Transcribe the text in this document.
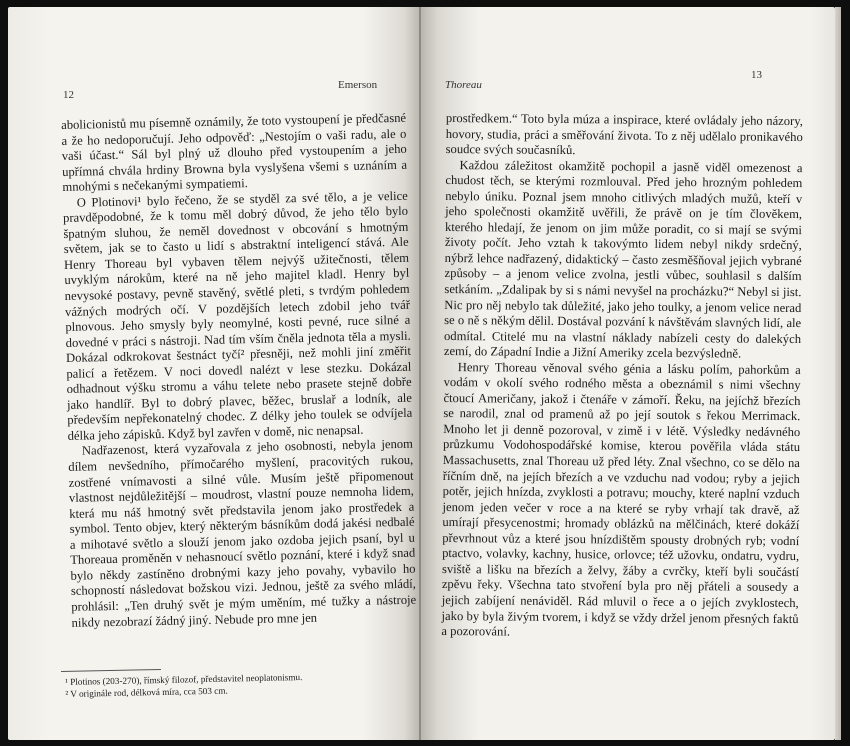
12
Emerson

abolicionistů mu písemně oznámily, že toto vystoupení je předčasné a že ho nedoporučují. Jeho odpověď: „Nestojím o vaši radu, ale o vaši účast.“ Sál byl plný už dlouho před vystoupením a jeho upřímná chvála hrdiny Browna byla vyslyšena všemi s uznáním a mnohými s nečekanými sympatiemi.

O Plotinovi¹ bylo řečeno, že se styděl za své tělo, a je velice pravděpodobné, že k tomu měl dobrý důvod, že jeho tělo bylo špatným sluhou, že neměl dovednost v obcování s hmotným světem, jak se to často u lidí s abstraktní inteligencí stává. Ale Henry Thoreau byl vybaven tělem nejvýš užitečnosti, tělem uvyklým nárokům, které na ně jeho majitel kladl. Henry byl nevysoké postavy, pevně stavěný, světlé pleti, s tvrdým pohledem vážných modrých očí. V pozdějších letech zdobil jeho tvář plnovous. Jeho smysly byly neomylné, kosti pevné, ruce silné a dovedné v práci s nástroji. Nad tím vším čněla jednota těla a mysli. Dokázal odkrokovat šestnáct tyčí² přesněji, než mohli jiní změřit palicí a řetězem. V noci dovedl nalézt v lese stezku. Dokázal odhadnout výšku stromu a váhu telete nebo prasete stejně dobře jako handlíř. Byl to dobrý plavec, běžec, bruslař a lodník, ale především nepřekonatelný chodec. Z délky jeho toulek se odvíjela délka jeho zápisků. Když byl zavřen v domě, nic nenapsal.

Nadřazenost, která vyzařovala z jeho osobnosti, nebyla jenom dílem nevšedního, přímočarého myšlení, pracovitých rukou, zostřené vnímavosti a silné vůle. Musím ještě připomenout vlastnost nejdůležitější – moudrost, vlastní pouze nemnoha lidem, která mu náš hmotný svět představila jenom jako prostředek a symbol. Tento objev, který některým básníkům dodá jakési nedbalé a mihotavé světlo a slouží jenom jako ozdoba jejich psaní, byl u Thoreaua proměněn v nehasnoucí světlo poznání, které i když snad bylo někdy zastíněno drobnými kazy jeho povahy, vybavilo ho schopností následovat božskou vizi. Jednou, ještě za svého mládí, prohlásil: „Ten druhý svět je mým uměním, mé tužky a nástroje nikdy nezobrazí žádný jiný. Nebude pro mne jen

¹ Plotinos (203-270), římský filozof, představitel neoplatonismu.
² V originále rod, délková míra, cca 503 cm.
Thoreau
13

prostředkem.“ Toto byla múza a inspirace, které ovládaly jeho názory, hovory, studia, práci a směřování života. To z něj udělalo pronikavého soudce svých současníků.

Každou záležitost okamžitě pochopil a jasně viděl omezenost a chudost těch, se kterými rozmlouval. Před jeho hrozným pohledem nebylo úniku. Poznal jsem mnoho citlivých mladých mužů, kteří v jeho společnosti okamžitě uvěřili, že právě on je tím člověkem, kterého hledají, že jenom on jim může poradit, co si mají se svými životy počít. Jeho vztah k takovýmto lidem nebyl nikdy srdečný, nýbrž lehce nadřazený, didaktický – často zesměšňoval jejich vybrané způsoby – a jenom velice zvolna, jestli vůbec, souhlasil s dalším setkáním. „Zdalipak by si s námi nevyšel na procházku?“ Nebyl si jist. Nic pro něj nebylo tak důležité, jako jeho toulky, a jenom velice nerad se o ně s někým dělil. Dostával pozvání k návštěvám slavných lidí, ale odmítal. Ctitelé mu na vlastní náklady nabízeli cesty do dalekých zemí, do Západní Indie a Jižní Ameriky zcela bezvýsledně.

Henry Thoreau věnoval svého génia a lásku polím, pahorkům a vodám v okolí svého rodného města a obeznámil s nimi všechny čtoucí Američany, jakož i čtenáře v zámoří. Řeku, na jejíchž březích se narodil, znal od pramenů až po její soutok s řekou Merrimack. Mnoho let ji denně pozoroval, v zimě i v létě. Výsledky nedávného průzkumu Vodohospodářské komise, kterou pověřila vláda státu Massachusetts, znal Thoreau už před léty. Znal všechno, co se dělo na říčním dně, na jejích březích a ve vzduchu nad vodou; ryby a jejich potěr, jejich hnízda, zvyklosti a potravu; mouchy, které naplní vzduch jenom jeden večer v roce a na které se ryby vrhají tak dravě, až umírají přesycenostmi; hromady oblázků na mělčinách, které dokáží převrhnout vůz a které jsou hnízdištěm spousty drobných ryb; vodní ptactvo, volavky, kachny, husice, orlovce; též užovku, ondatru, vydru, sviště a lišku na březích a želvy, žáby a cvrčky, kteří byli součástí zpěvu řeky. Všechna tato stvoření byla pro něj přáteli a sousedy a jejich zabíjení nenáviděl. Rád mluvil o řece a o jejích zvyklostech, jako by byla živým tvorem, i když se vždy držel jenom přesných faktů a pozorování.
